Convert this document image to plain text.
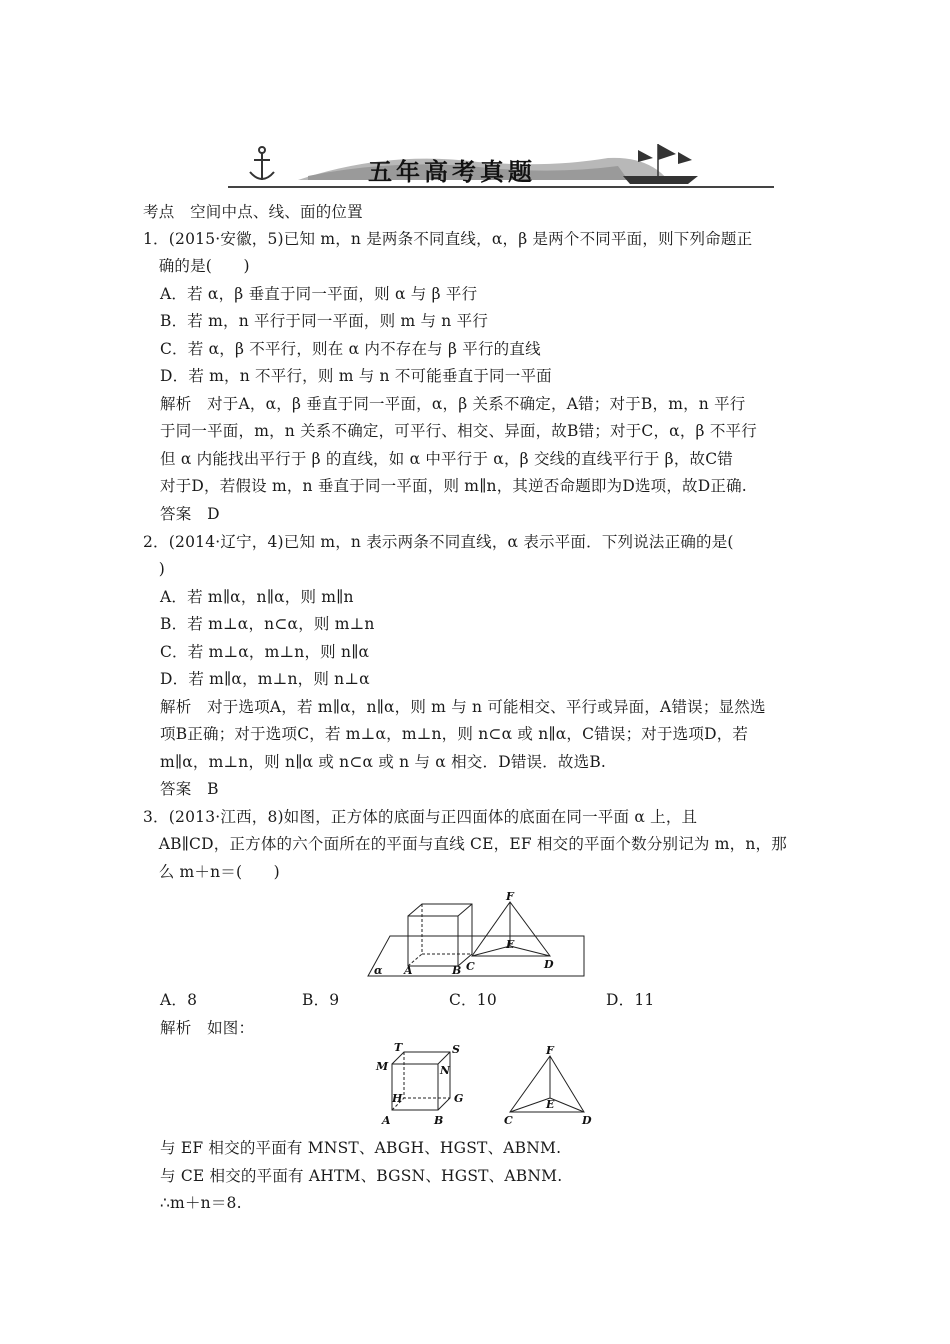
五年高考真题
考点　空间中点、线、面的位置
1．(2015·安徽，5)已知 m，n 是两条不同直线，α，β 是两个不同平面，则下列命题正
　确的是(　　)
A．若 α，β 垂直于同一平面，则 α 与 β 平行
B．若 m，n 平行于同一平面，则 m 与 n 平行
C．若 α，β 不平行，则在 α 内不存在与 β 平行的直线
D．若 m，n 不平行，则 m 与 n 不可能垂直于同一平面
解析　对于A，α，β 垂直于同一平面，α，β 关系不确定，A错；对于B，m，n 平行
于同一平面，m，n 关系不确定，可平行、相交、异面，故B错；对于C，α，β 不平行
但 α 内能找出平行于 β 的直线，如 α 中平行于 α，β 交线的直线平行于 β，故C错
对于D，若假设 m，n 垂直于同一平面，则 m∥n，其逆否命题即为D选项，故D正确.
答案　D
2．(2014·辽宁，4)已知 m，n 表示两条不同直线，α 表示平面．下列说法正确的是(
　)
A．若 m∥α，n∥α，则 m∥n
B．若 m⊥α，n⊂α，则 m⊥n
C．若 m⊥α，m⊥n，则 n∥α
D．若 m∥α，m⊥n，则 n⊥α
解析　对于选项A，若 m∥α，n∥α，则 m 与 n 可能相交、平行或异面，A错误；显然选
项B正确；对于选项C，若 m⊥α，m⊥n，则 n⊂α 或 n∥α，C错误；对于选项D，若
m∥α，m⊥n，则 n∥α 或 n⊂α 或 n 与 α 相交．D错误．故选B.
答案　B
3．(2013·江西，8)如图，正方体的底面与正四面体的底面在同一平面 α 上，且
　AB∥CD，正方体的六个面所在的平面与直线 CE，EF 相交的平面个数分别记为 m，n，那
　么 m＋n＝(　　)
F
E
α A	B C	D
A．8	B．9	C．10	D．11
解析　如图：
T	S
M	N
H	G
A	B
F
E
C	D
与 EF 相交的平面有 MNST、ABGH、HGST、ABNM.
与 CE 相交的平面有 AHTM、BGSN、HGST、ABNM.
∴m＋n＝8.
